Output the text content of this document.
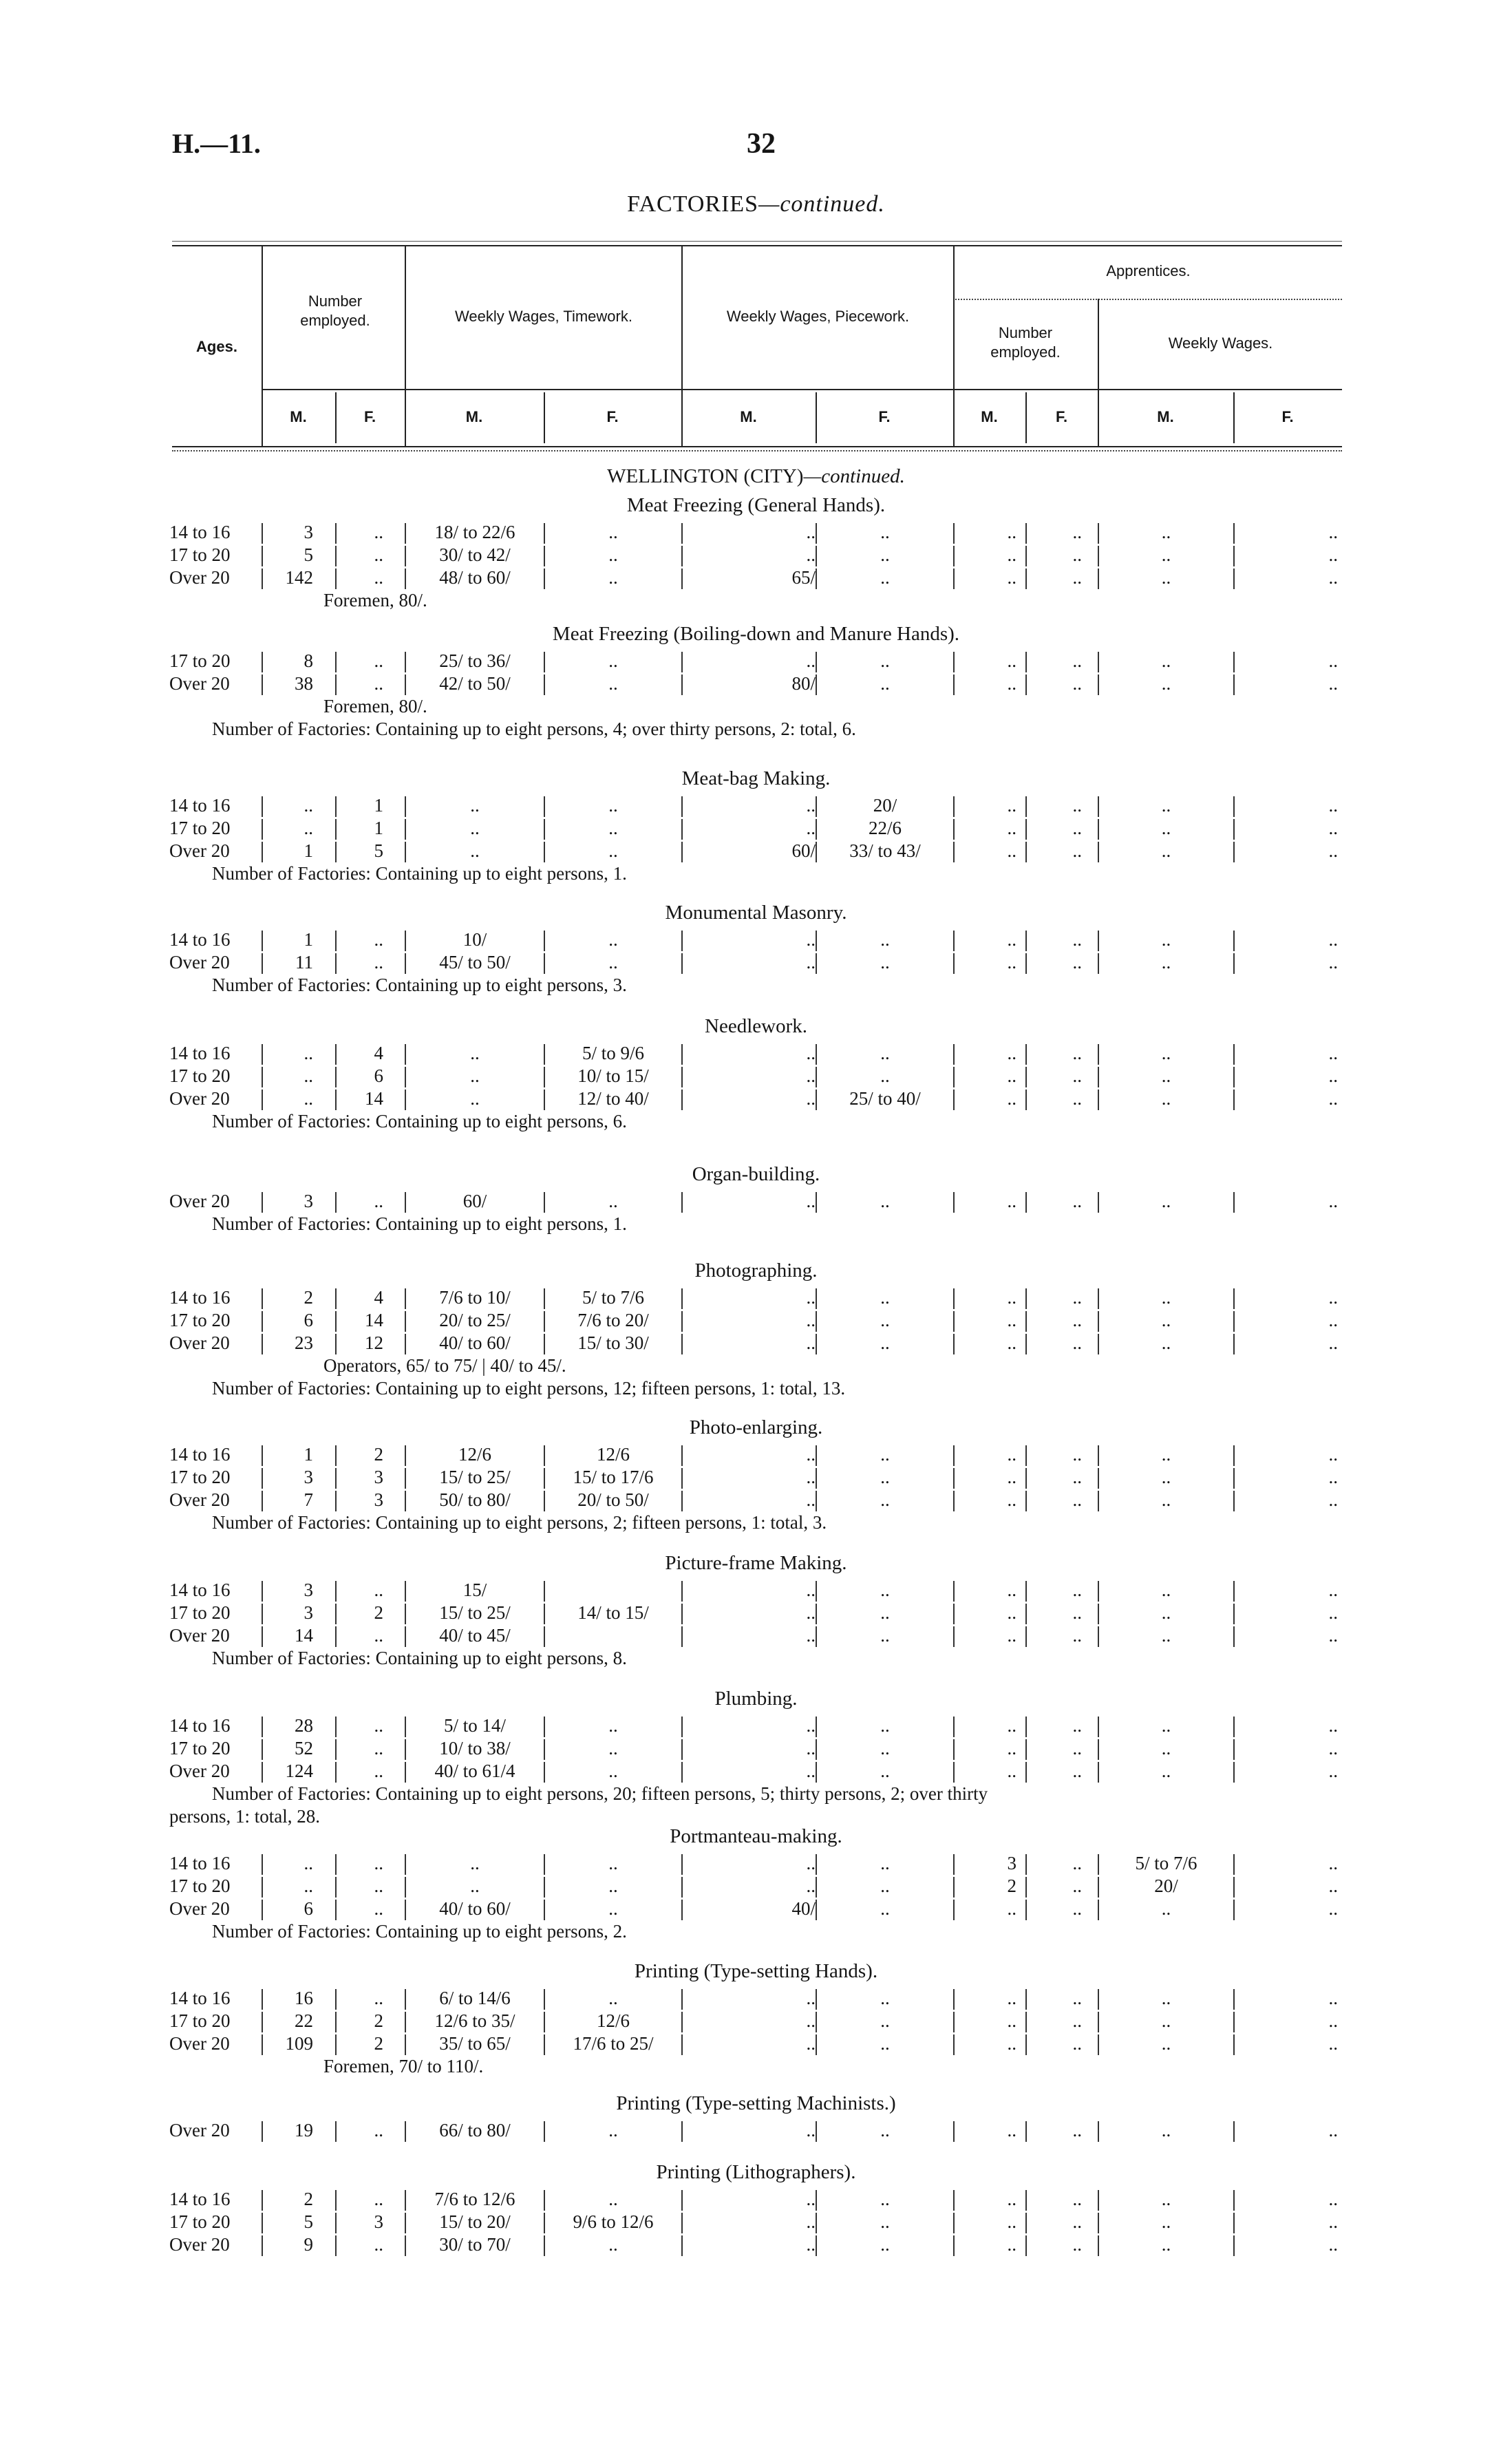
H.—11.	32
FACTORIES—continued.
Ages.
Number employed.	Weekly Wages, Timework.	Weekly Wages, Piecework.
Apprentices.
Number employed.
Weekly Wages.
M.	F.	M.	F.	M.	F.	M.	F.	M.	F.
WELLINGTON (CITY)—continued.
Meat Freezing (General Hands).
14 to 16	3	..	18/ to 22/6	..	..	..	..	..	..	..
17 to 20	5	..	30/ to 42/	..	..	..	..	..	..	..
Over 20	142	..	48/ to 60/	..	65/	..	..	..	..	..
Foremen, 80/.
Meat Freezing (Boiling-down and Manure Hands).
17 to 20	8	..	25/ to 36/	..	..	..	..	..	..	..
Over 20	38	..	42/ to 50/	..	80/	..	..	..	..	..
Foremen, 80/.
Number of Factories: Containing up to eight persons, 4; over thirty persons, 2: total, 6.
Meat-bag Making.
14 to 16	..	1	..	..	..	20/	..	..	..	..
17 to 20	..	1	..	..	..	22/6	..	..	..	..
Over 20	1	5	..	..	60/	33/ to 43/	..	..	..	..
Number of Factories: Containing up to eight persons, 1.
Monumental Masonry.
14 to 16	1	..	10/	..	..	..	..	..	..	..
Over 20	11	..	45/ to 50/	..	..	..	..	..	..	..
Number of Factories: Containing up to eight persons, 3.
Needlework.
14 to 16	..	4	..	5/ to 9/6	..	..	..	..	..	..
17 to 20	..	6	..	10/ to 15/	..	..	..	..	..	..
Over 20	..	14	..	12/ to 40/	..	25/ to 40/	..	..	..	..
Number of Factories: Containing up to eight persons, 6.
Organ-building.
Over 20	3	..	60/	..	..	..	..	..	..	..
Number of Factories: Containing up to eight persons, 1.
Photographing.
14 to 16	2	4	7/6 to 10/	5/ to 7/6	..	..	..	..	..	..
17 to 20	6	14	20/ to 25/	7/6 to 20/	..	..	..	..	..	..
Over 20	23	12	40/ to 60/	15/ to 30/	..	..	..	..	..	..
Operators, 65/ to 75/ | 40/ to 45/.
Number of Factories: Containing up to eight persons, 12; fifteen persons, 1: total, 13.
Photo-enlarging.
14 to 16	1	2	12/6	12/6	..	..	..	..	..	..
17 to 20	3	3	15/ to 25/	15/ to 17/6	..	..	..	..	..	..
Over 20	7	3	50/ to 80/	20/ to 50/	..	..	..	..	..	..
Number of Factories: Containing up to eight persons, 2; fifteen persons, 1: total, 3.
Picture-frame Making.
14 to 16	3	..	15/	..	..	..	..	..	..
17 to 20	3	2	15/ to 25/	14/ to 15/	..	..	..	..	..	..
Over 20	14	..	40/ to 45/	..	..	..	..	..	..
Number of Factories: Containing up to eight persons, 8.
Plumbing.
14 to 16	28	..	5/ to 14/	..	..	..	..	..	..	..
17 to 20	52	..	10/ to 38/	..	..	..	..	..	..	..
Over 20	124	..	40/ to 61/4	..	..	..	..	..	..	..
Number of Factories: Containing up to eight persons, 20; fifteen persons, 5; thirty persons, 2; over thirty
persons, 1: total, 28.
Portmanteau-making.
14 to 16	..	..	..	..	..	..	3	..	5/ to 7/6	..
17 to 20	..	..	..	..	..	..	2	..	20/	..
Over 20	6	..	40/ to 60/	..	40/	..	..	..	..	..
Number of Factories: Containing up to eight persons, 2.
Printing (Type-setting Hands).
14 to 16	16	..	6/ to 14/6	..	..	..	..	..	..	..
17 to 20	22	2	12/6 to 35/	12/6	..	..	..	..	..	..
Over 20	109	2	35/ to 65/	17/6 to 25/	..	..	..	..	..	..
Foremen, 70/ to 110/.
Printing (Type-setting Machinists.)
Over 20	19	..	66/ to 80/	..	..	..	..	..	..	..
Printing (Lithographers).
14 to 16	2	..	7/6 to 12/6	..	..	..	..	..	..	..
17 to 20	5	3	15/ to 20/	9/6 to 12/6	..	..	..	..	..	..
Over 20	9	..	30/ to 70/	..	..	..	..	..	..	..
